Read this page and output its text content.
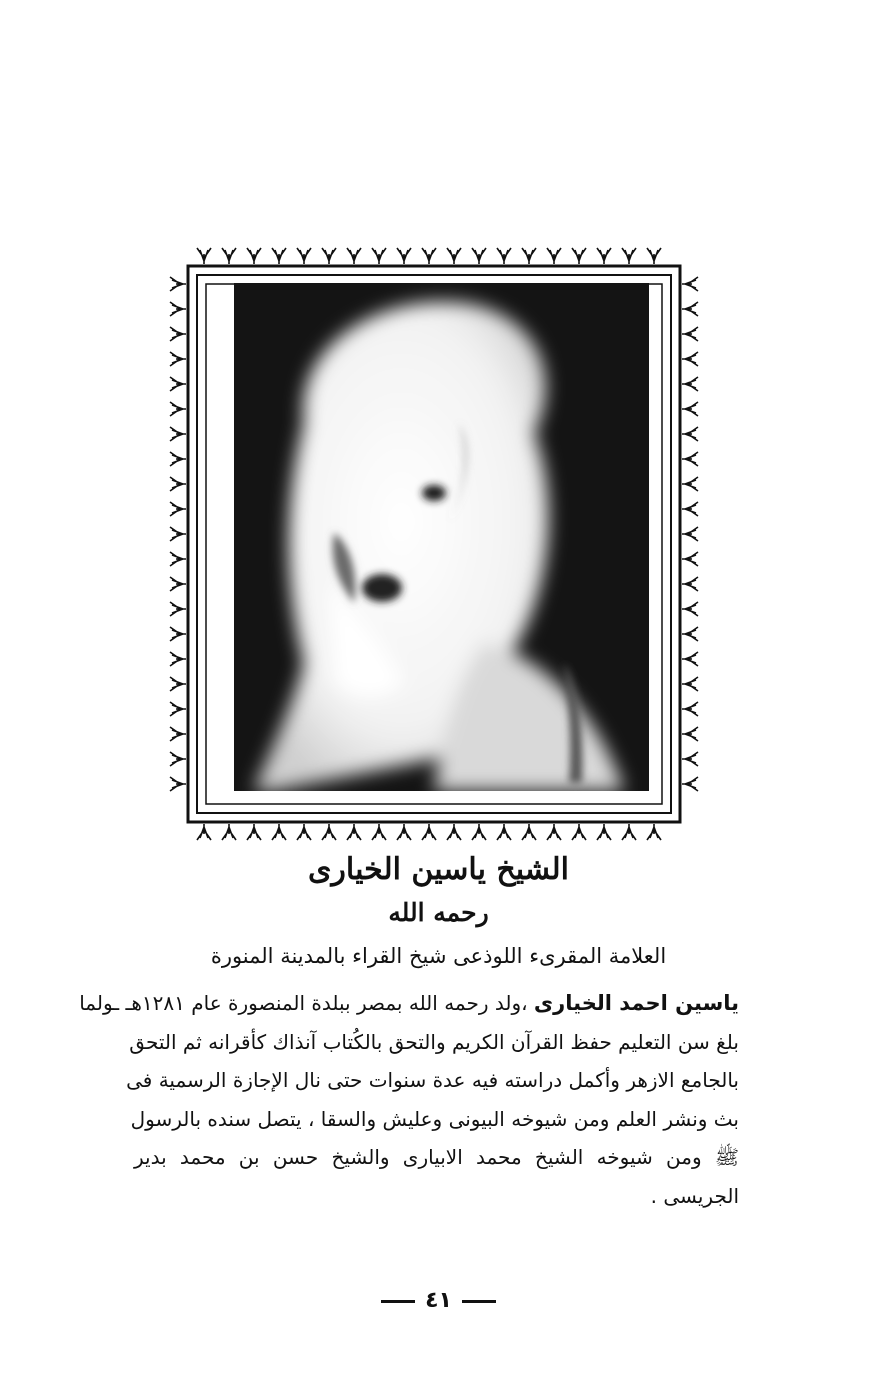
الشيخ ياسين الخيارى
رحمه الله
العلامة المقرىء اللوذعى شيخ القراء بالمدينة المنورة
ياسين احمد الخيارى ،ولد رحمه الله بمصر ببلدة المنصورة عام ١٢٨١هـ ـولما
بلغ سن التعليم حفظ القرآن الكريم والتحق بالكُتاب آنذاك كأقرانه ثم التحق
بالجامع الازهر وأكمل دراسته فيه عدة سنوات حتى نال الإجازة الرسمية فى
بث ونشر العلم ومن شيوخه البيونى وعليش والسقا ، يتصل سنده بالرسول
ﷺ ومن شيوخه الشيخ محمد الابيارى والشيخ حسن بن محمد بدير
الجريسى .
٤١
